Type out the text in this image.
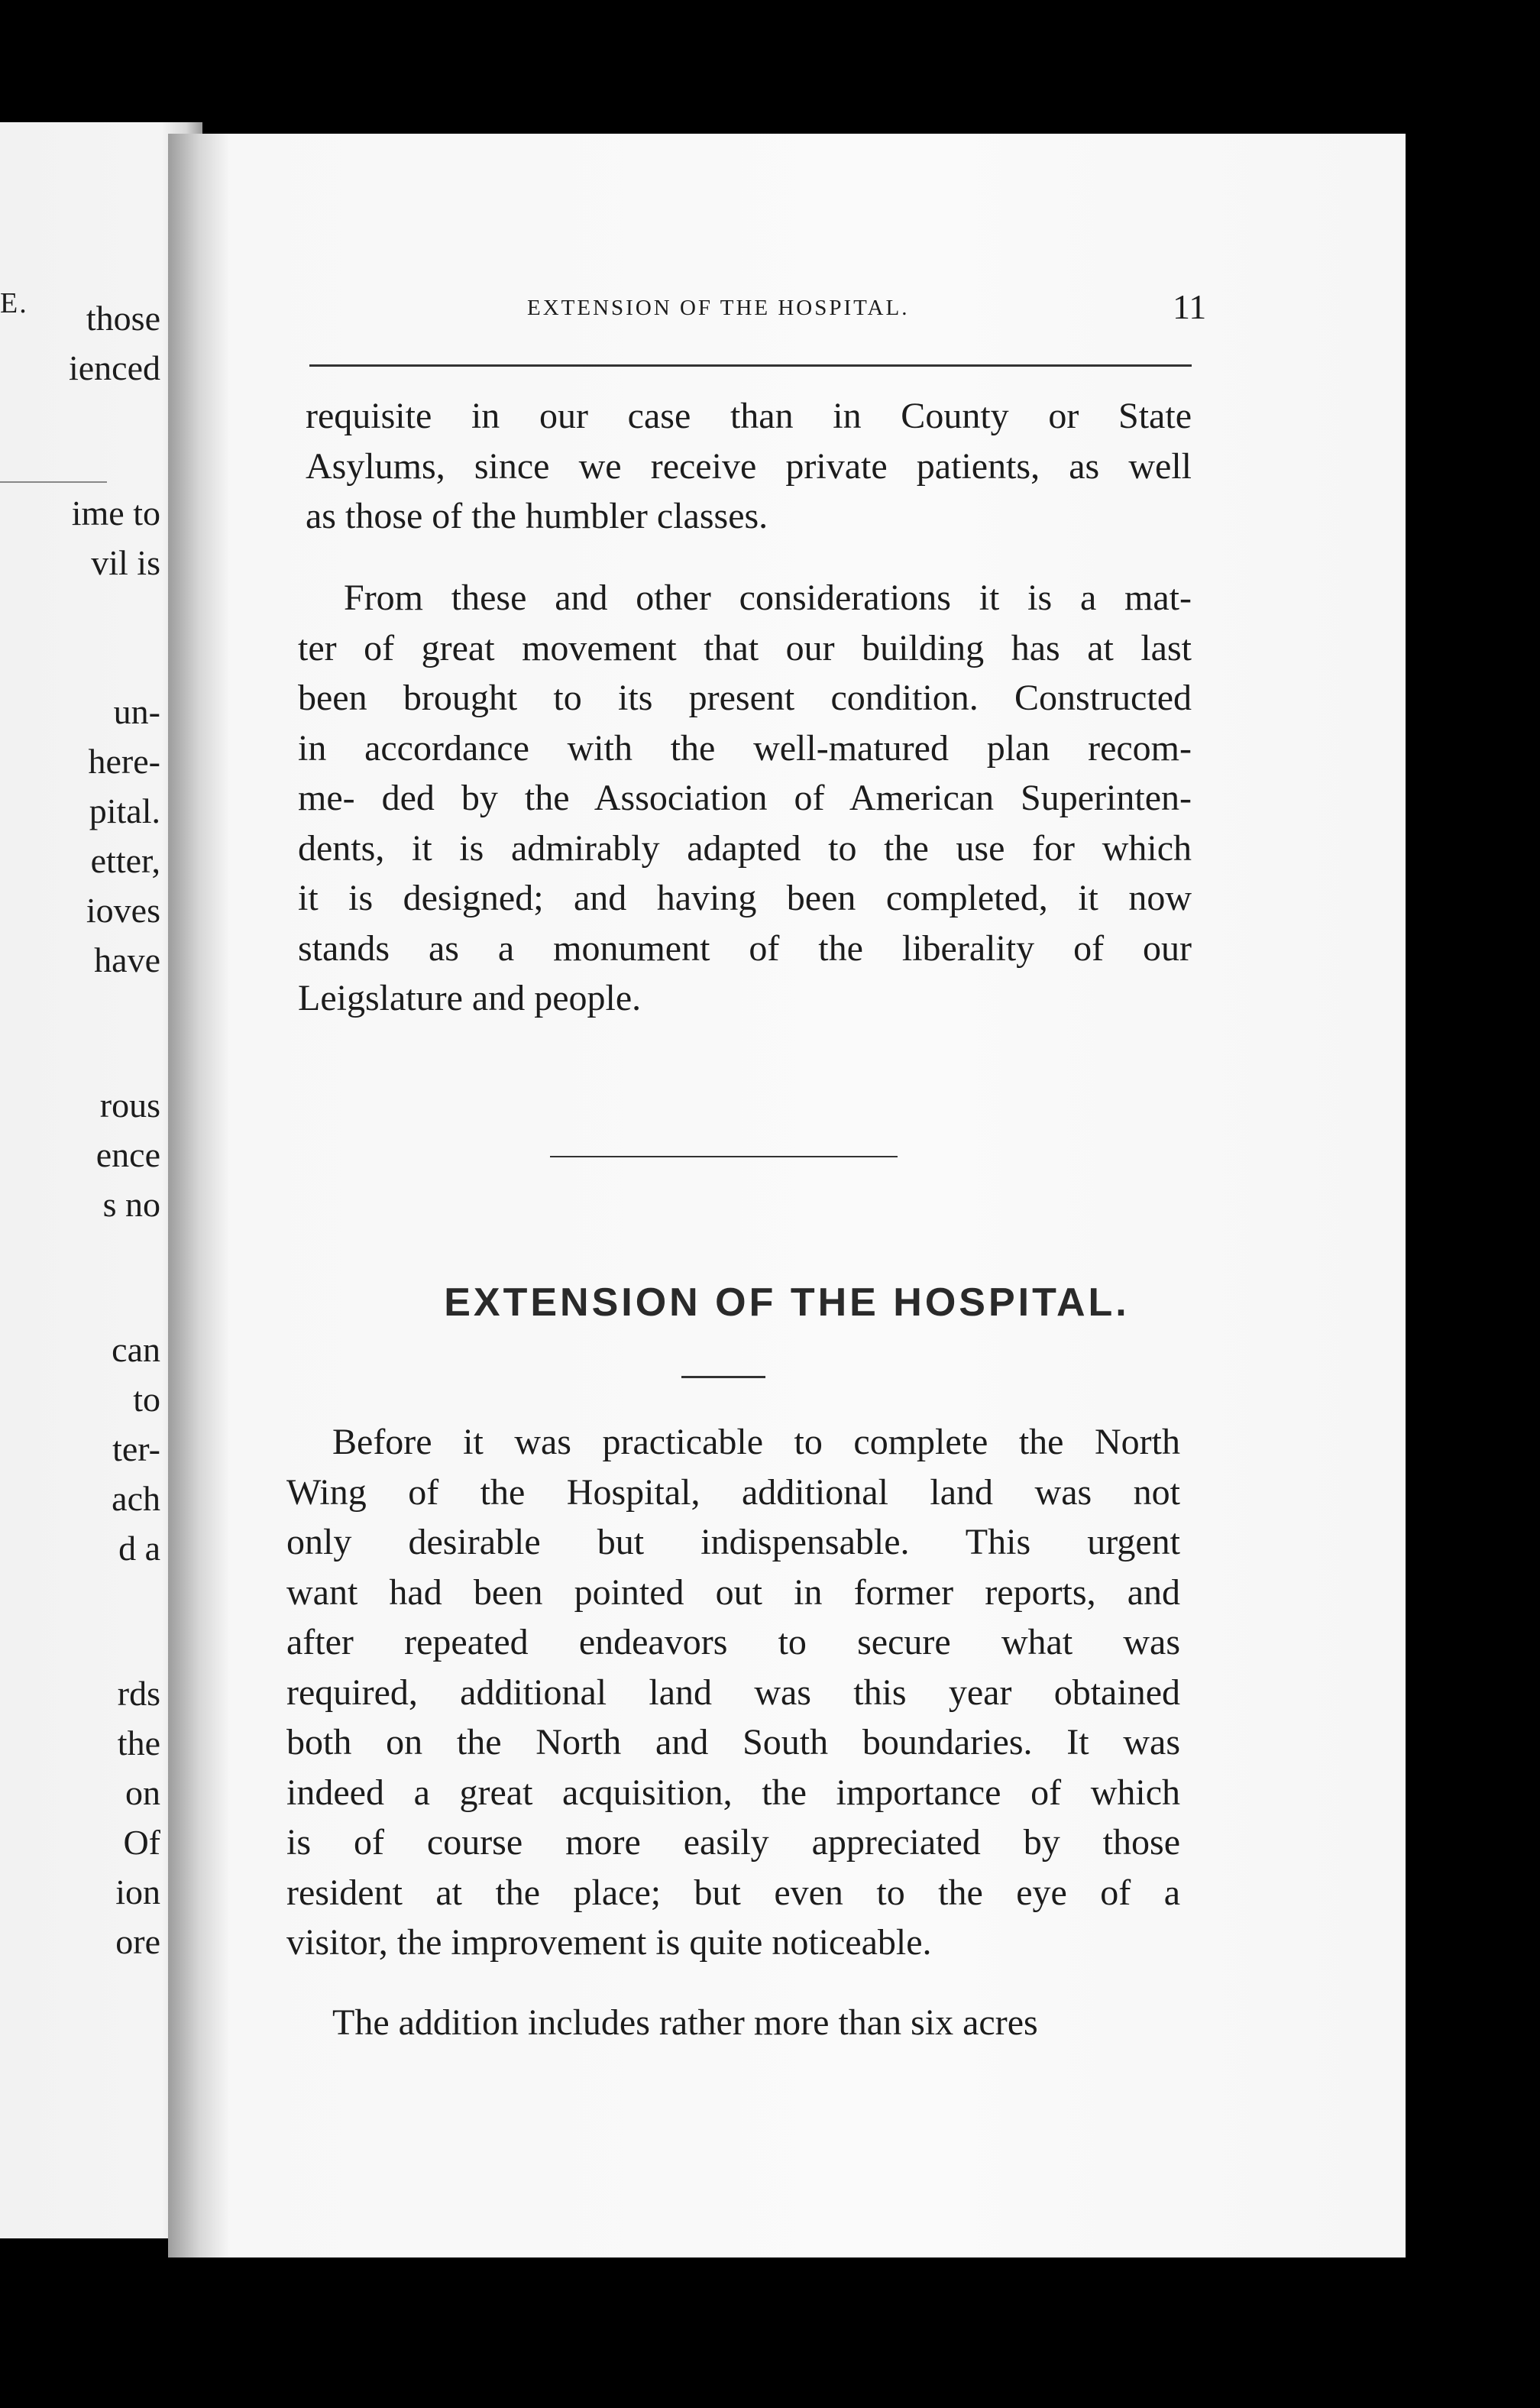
E. those
ienced
ime to
vil is
un-
here-
pital.
etter,
ioves
have
rous
ence
s no
can
to
ter-
ach
d a
rds
the
on
Of
ion
ore
EXTENSION OF THE HOSPITAL.	11
requisite in our case than in County or State
Asylums, since we receive private patients, as well
as those of the humbler classes.
From these and other considerations it is a mat-
ter of great movement that our building has at last
been brought to its present condition. Constructed
in accordance with the well-matured plan recom-
me- ded by the Association of American Superinten-
dents, it is admirably adapted to the use for which
it is designed; and having been completed, it now
stands as a monument of the liberality of our
Leigslature and people.
EXTENSION OF THE HOSPITAL.
Before it was practicable to complete the North
Wing of the Hospital, additional land was not
only desirable but indispensable. This urgent
want had been pointed out in former reports, and
after repeated endeavors to secure what was
required, additional land was this year obtained
both on the North and South boundaries. It was
indeed a great acquisition, the importance of which
is of course more easily appreciated by those
resident at the place; but even to the eye of a
visitor, the improvement is quite noticeable.
The addition includes rather more than six acres
